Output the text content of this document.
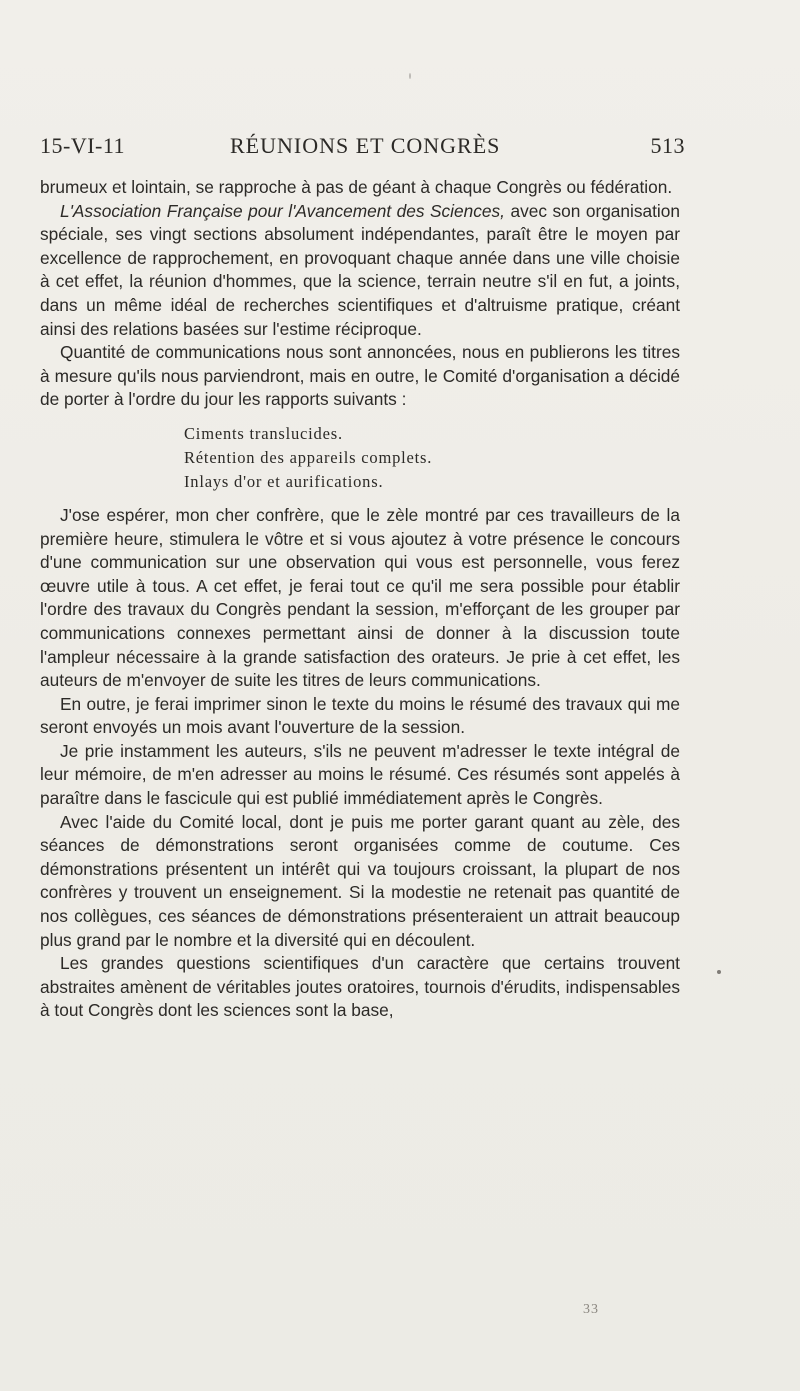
15-VI-11	RÉUNIONS ET CONGRÈS	513

brumeux et lointain, se rapproche à pas de géant à chaque Congrès ou fédération.

L'Association Française pour l'Avancement des Sciences, avec son organisation spéciale, ses vingt sections absolument indépendantes, paraît être le moyen par excellence de rapprochement, en provoquant chaque année dans une ville choisie à cet effet, la réunion d'hommes, que la science, terrain neutre s'il en fut, a joints, dans un même idéal de recherches scientifiques et d'altruisme pratique, créant ainsi des relations basées sur l'estime réciproque.

Quantité de communications nous sont annoncées, nous en publierons les titres à mesure qu'ils nous parviendront, mais en outre, le Comité d'organisation a décidé de porter à l'ordre du jour les rapports suivants :

Ciments translucides.
Rétention des appareils complets.
Inlays d'or et aurifications.

J'ose espérer, mon cher confrère, que le zèle montré par ces travailleurs de la première heure, stimulera le vôtre et si vous ajoutez à votre présence le concours d'une communication sur une observation qui vous est personnelle, vous ferez œuvre utile à tous. A cet effet, je ferai tout ce qu'il me sera possible pour établir l'ordre des travaux du Congrès pendant la session, m'efforçant de les grouper par communications connexes permettant ainsi de donner à la discussion toute l'ampleur nécessaire à la grande satisfaction des orateurs. Je prie à cet effet, les auteurs de m'envoyer de suite les titres de leurs communications.

En outre, je ferai imprimer sinon le texte du moins le résumé des travaux qui me seront envoyés un mois avant l'ouverture de la session.

Je prie instamment les auteurs, s'ils ne peuvent m'adresser le texte intégral de leur mémoire, de m'en adresser au moins le résumé. Ces résumés sont appelés à paraître dans le fascicule qui est publié immédiatement après le Congrès.

Avec l'aide du Comité local, dont je puis me porter garant quant au zèle, des séances de démonstrations seront organisées comme de coutume. Ces démonstrations présentent un intérêt qui va toujours croissant, la plupart de nos confrères y trouvent un enseignement. Si la modestie ne retenait pas quantité de nos collègues, ces séances de démonstrations présenteraient un attrait beaucoup plus grand par le nombre et la diversité qui en découlent.

Les grandes questions scientifiques d'un caractère que certains trouvent abstraites amènent de véritables joutes oratoires, tournois d'érudits, indispensables à tout Congrès dont les sciences sont la base,

33
